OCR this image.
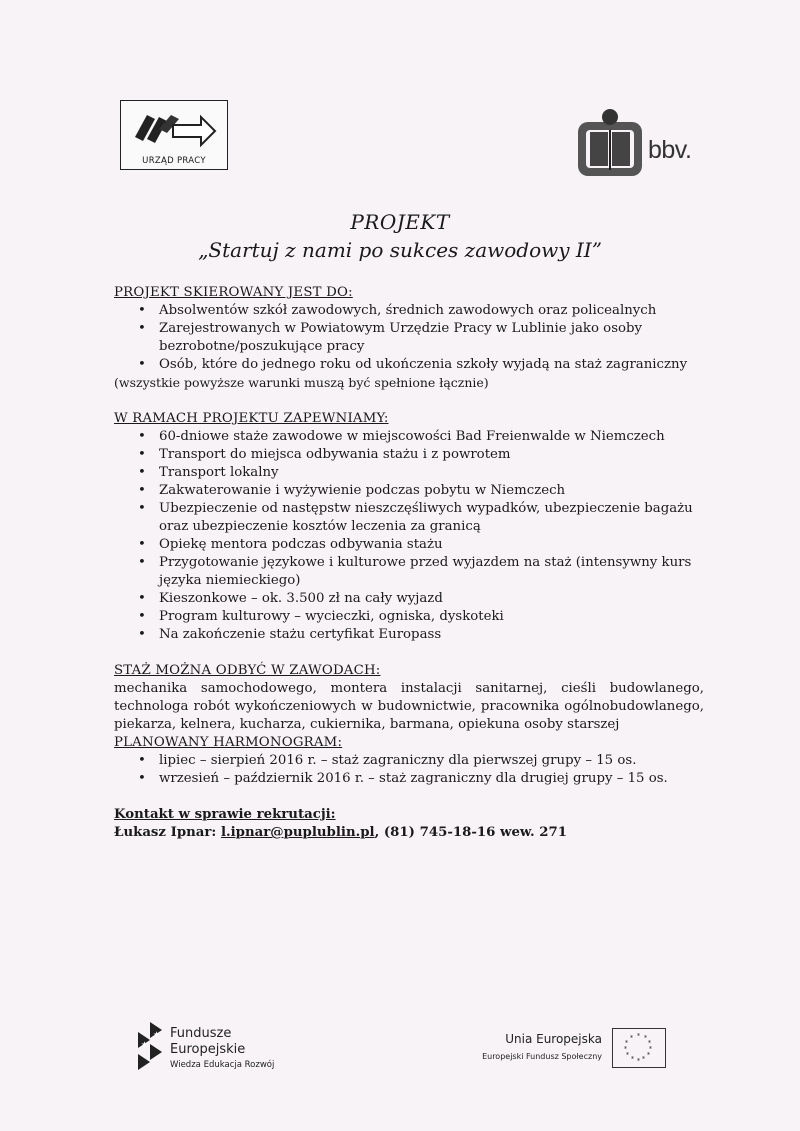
URZĄD PRACY	bbv.
PROJEKT
„Startuj z nami po sukces zawodowy II”
PROJEKT SKIEROWANY JEST DO:
• Absolwentów szkół zawodowych, średnich zawodowych oraz policealnych
• Zarejestrowanych w Powiatowym Urzędzie Pracy w Lublinie jako osoby bezrobotne/poszukujące pracy
• Osób, które do jednego roku od ukończenia szkoły wyjadą na staż zagraniczny
(wszystkie powyższe warunki muszą być spełnione łącznie)
W RAMACH PROJEKTU ZAPEWNIAMY:
• 60-dniowe staże zawodowe w miejscowości Bad Freienwalde w Niemczech
• Transport do miejsca odbywania stażu i z powrotem
• Transport lokalny
• Zakwaterowanie i wyżywienie podczas pobytu w Niemczech
• Ubezpieczenie od następstw nieszczęśliwych wypadków, ubezpieczenie bagażu oraz ubezpieczenie kosztów leczenia za granicą
• Opiekę mentora podczas odbywania stażu
• Przygotowanie językowe i kulturowe przed wyjazdem na staż (intensywny kurs języka niemieckiego)
• Kieszonkowe – ok. 3.500 zł na cały wyjazd
• Program kulturowy – wycieczki, ogniska, dyskoteki
• Na zakończenie stażu certyfikat Europass
STAŻ MOŻNA ODBYĆ W ZAWODACH:
mechanika samochodowego, montera instalacji sanitarnej, cieśli budowlanego, technologa robót wykończeniowych w budownictwie, pracownika ogólnobudowlanego, piekarza, kelnera, kucharza, cukiernika, barmana, opiekuna osoby starszej
PLANOWANY HARMONOGRAM:
• lipiec – sierpień 2016 r. – staż zagraniczny dla pierwszej grupy – 15 os.
• wrzesień – październik 2016 r. – staż zagraniczny dla drugiej grupy – 15 os.
Kontakt w sprawie rekrutacji:
Łukasz Ipnar: l.ipnar@puplublin.pl, (81) 745-18-16 wew. 271
★
★
Fundusze
Europejskie
Wiedza Edukacja Rozwój
Unia Europejska
Europejski Fundusz Społeczny
* *
*
*
*
*
*
*
*
*
*
*
